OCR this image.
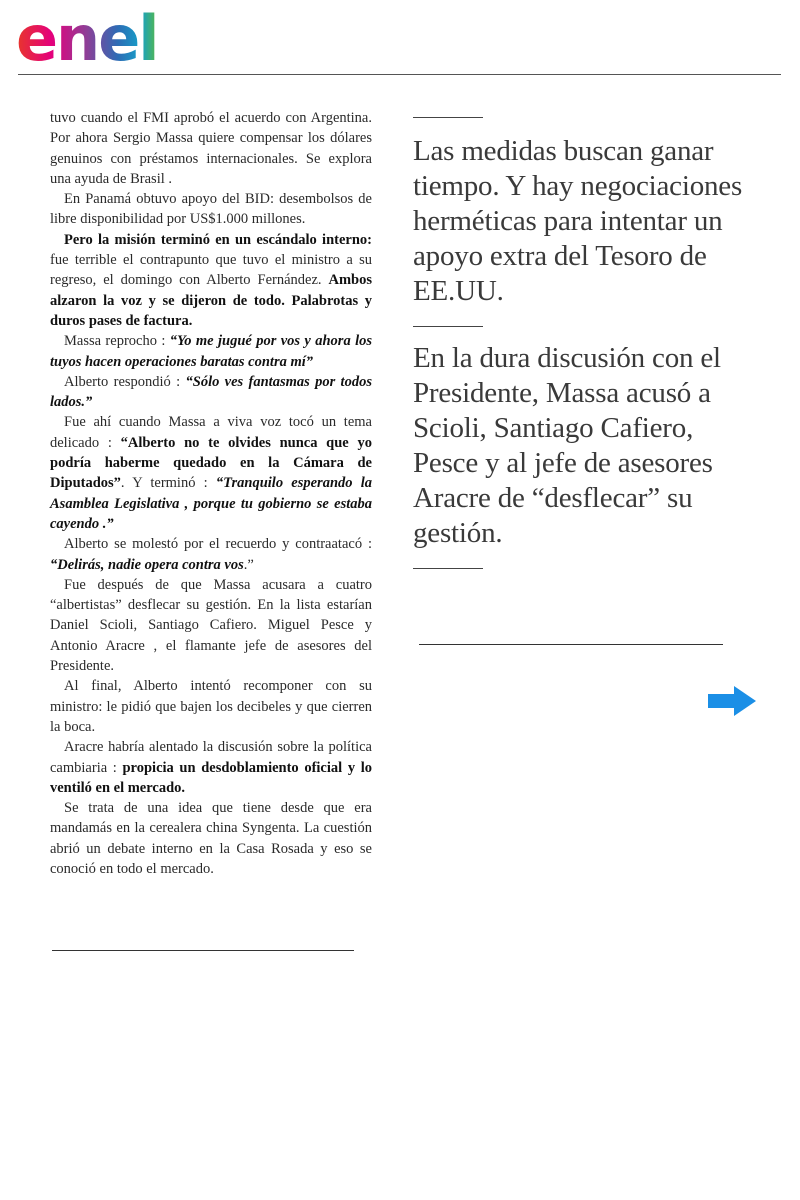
enel

tuvo cuando el FMI aprobó el acuerdo con Argentina. Por ahora Sergio Massa quiere compensar los dólares genuinos con préstamos internacionales. Se explora una ayuda de Brasil .

En Panamá obtuvo apoyo del BID: desembolsos de libre disponibilidad por US$1.000 millones.

Pero la misión terminó en un escándalo interno: fue terrible el contrapunto que tuvo el ministro a su regreso, el domingo con Alberto Fernández. Ambos alzaron la voz y se dijeron de todo. Palabrotas y duros pases de factura.

Massa reprocho : “Yo me jugué por vos y ahora los tuyos hacen operaciones baratas contra mí”

Alberto respondió : “Sólo ves fantasmas por todos lados.”

Fue ahí cuando Massa a viva voz tocó un tema delicado : “Alberto no te olvides nunca que yo podría haberme quedado en la Cámara de Diputados”. Y terminó : “Tranquilo esperando la Asamblea Legislativa , porque tu gobierno se estaba cayendo .”

Alberto se molestó por el recuerdo y contraatacó : “Delirás, nadie opera contra vos.”

Fue después de que Massa acusara a cuatro “albertistas” desflecar su gestión. En la lista estarían Daniel Scioli, Santiago Cafiero. Miguel Pesce y Antonio Aracre , el flamante jefe de asesores del Presidente.

Al final, Alberto intentó recomponer con su ministro: le pidió que bajen los decibeles y que cierren la boca.

Aracre habría alentado la discusión sobre la política cambiaria : propicia un desdoblamiento oficial y lo ventiló en el mercado.

Se trata de una idea que tiene desde que era mandamás en la cerealera china Syngenta. La cuestión abrió un debate interno en la Casa Rosada y eso se conoció en todo el mercado.

Las medidas buscan ganar tiempo. Y hay negociaciones herméticas para intentar un apoyo extra del Tesoro de EE.UU.

En la dura discusión con el Presidente, Massa acusó a Scioli, Santiago Cafiero, Pesce y al jefe de asesores Aracre de “desflecar” su gestión.
